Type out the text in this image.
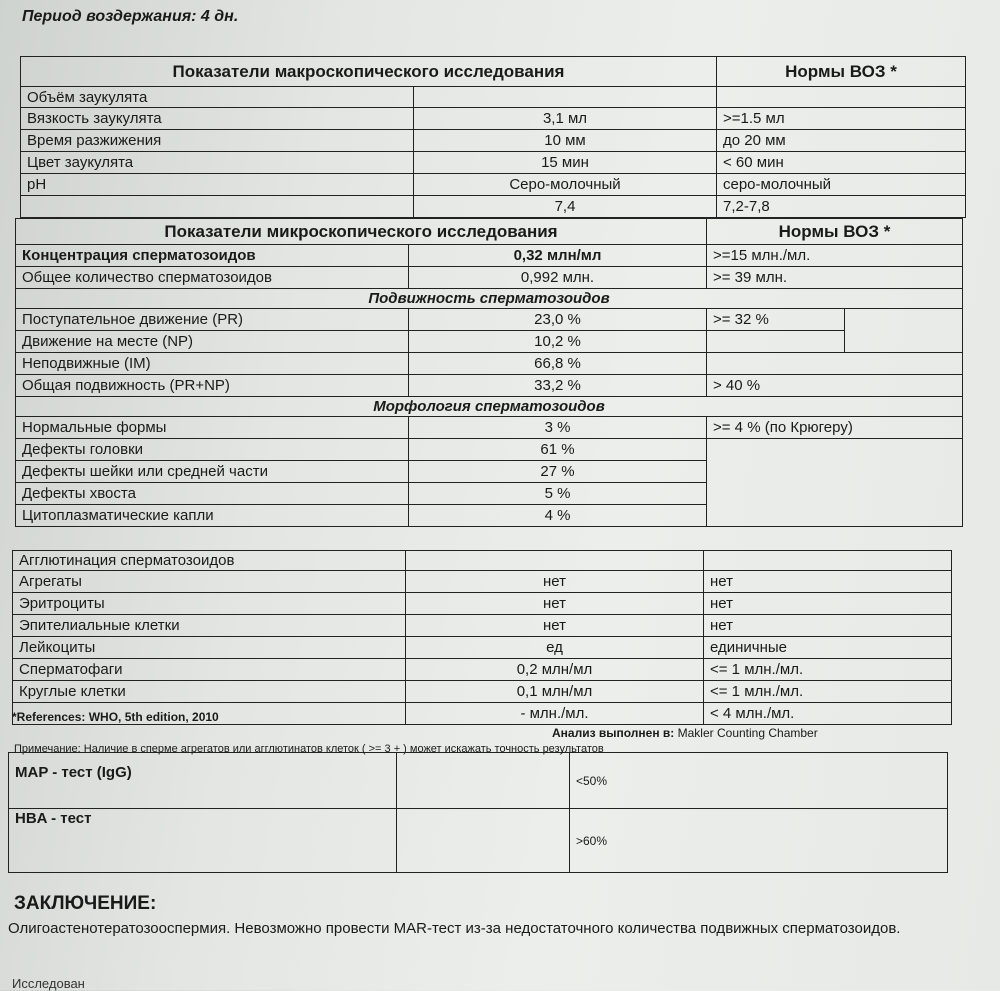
Период воздержания: 4 дн.
Показатели макроскопического исследования		Нормы ВОЗ *
Объём заукулята		
Вязкость заукулята	3,1 мл	>=1.5 мл
Время разжижения	10 мм	до 20 мм
Цвет заукулята	15 мин	< 60 мин
pH	Серо-молочный	серо-молочный
	7,4	7,2-7,8
Показатели микроскопического исследования		Нормы ВОЗ *	
Концентрация сперматозоидов	0,32 млн/мл	>=15 млн./мл.	
Общее количество сперматозоидов	0,992 млн.	>= 39 млн.	
Подвижность сперматозоидов			
Поступательное движение (PR)	23,0 %	>= 32 %	
Движение на месте (NP)	10,2 %		
Неподвижные (IM)	66,8 %		
Общая подвижность (PR+NP)	33,2 %	> 40 %	
Морфология сперматозоидов			
Нормальные формы	3 %	>= 4 % (по Крюгеру)	
Дефекты головки	61 %		
Дефекты шейки или средней части	27 %		
Дефекты хвоста	5 %		
Цитоплазматические капли	4 %		
Агглютинация сперматозоидов		
Агрегаты	нет	нет
Эритроциты	нет	нет
Эпителиальные клетки	нет	нет
Лейкоциты	ед	единичные
Сперматофаги	0,2 млн/мл	<= 1 млн./мл.
Круглые клетки	0,1 млн/мл	<= 1 млн./мл.
	- млн./мл.	< 4 млн./мл.
*References: WHO, 5th edition, 2010
Анализ выполнен в: Makler Counting Chamber
Примечание: Наличие в сперме агрегатов или агглютинатов клеток ( >= 3 + ) может искажать точность результатов
MAP - тест (IgG)		<50%
HBA - тест		>60%
ЗАКЛЮЧЕНИЕ:
Олигоастенотератозооспермия. Невозможно провести MAR-тест из-за недостаточного количества подвижных сперматозоидов.
Исследован
